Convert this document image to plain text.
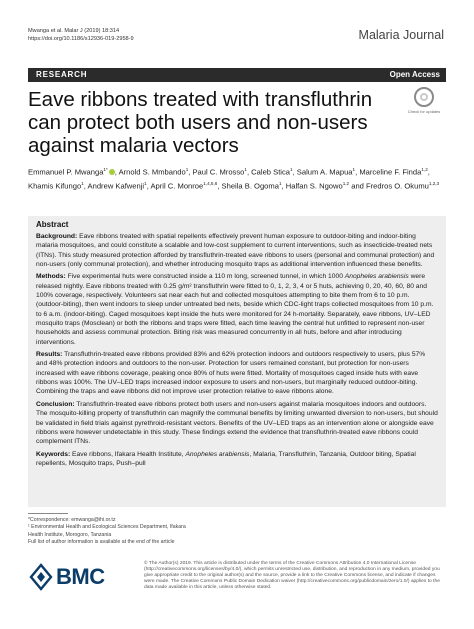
Mwanga et al. Malar J (2019) 18:314
https://doi.org/10.1186/s12936-019-2958-9	Malaria Journal
RESEARCH	Open Access
Eave ribbons treated with transfluthrin can protect both users and non-users against malaria vectors
Check for updates
Emmanuel P. Mwanga$^{1*}$ , Arnold S. Mmbando$^1$, Paul C. Mrosso$^1$, Caleb Stica$^1$, Salum A. Mapua$^1$, Marceline F. Finda$^{1,2}$, Khamis Kifungo$^1$, Andrew Kafwenji$^1$, April C. Monroe$^{1,4,5,6}$, Sheila B. Ogoma$^1$, Halfan S. Ngowo$^{1,2}$ and Fredros O. Okumu$^{1,2,3}$
Abstract

Background: Eave ribbons treated with spatial repellents effectively prevent human exposure to outdoor-biting and indoor-biting malaria mosquitoes, and could constitute a scalable and low-cost supplement to current interventions, such as insecticide-treated nets (ITNs). This study measured protection afforded by transfluthrin-treated eave ribbons to users (personal and communal protection) and non-users (only communal protection), and whether introducing mosquito traps as additional intervention influenced these benefits.

Methods: Five experimental huts were constructed inside a 110 m long, screened tunnel, in which 1000 Anopheles arabiensis were released nightly. Eave ribbons treated with 0.25 g/m² transfluthrin were fitted to 0, 1, 2, 3, 4 or 5 huts, achieving 0, 20, 40, 60, 80 and 100% coverage, respectively. Volunteers sat near each hut and collected mosquitoes attempting to bite them from 6 to 10 p.m. (outdoor-biting), then went indoors to sleep under untreated bed nets, beside which CDC-light traps collected mosquitoes from 10 p.m. to 6 a.m. (indoor-biting). Caged mosquitoes kept inside the huts were monitored for 24 h-mortality. Separately, eave ribbons, UV–LED mosquito traps (Mosclean) or both the ribbons and traps were fitted, each time leaving the central hut unfitted to represent non-user households and assess communal protection. Biting risk was measured concurrently in all huts, before and after introducing interventions.

Results: Transfluthrin-treated eave ribbons provided 83% and 62% protection indoors and outdoors respectively to users, plus 57% and 48% protection indoors and outdoors to the non-user. Protection for users remained constant, but protection for non-users increased with eave ribbons coverage, peaking once 80% of huts were fitted. Mortality of mosquitoes caged inside huts with eave ribbons was 100%. The UV–LED traps increased indoor exposure to users and non-users, but marginally reduced outdoor-biting. Combining the traps and eave ribbons did not improve user protection relative to eave ribbons alone.

Conclusion: Transfluthrin-treated eave ribbons protect both users and non-users against malaria mosquitoes indoors and outdoors. The mosquito-killing property of transfluthrin can magnify the communal benefits by limiting unwanted diversion to non-users, but should be validated in field trials against pyrethroid-resistant vectors. Benefits of the UV–LED traps as an intervention alone or alongside eave ribbons were however undetectable in this study. These findings extend the evidence that transfluthrin-treated eave ribbons could complement ITNs.

Keywords: Eave ribbons, Ifakara Health Institute, Anopheles arabiensis, Malaria, Transfluthrin, Tanzania, Outdoor biting, Spatial repellents, Mosquito traps, Push–pull

*Correspondence: emwanga@ihi.or.tz
¹ Environmental Health and Ecological Sciences Department, Ifakara
Health Institute, Morogoro, Tanzania
Full list of author information is available at the end of the article
BMC
© The Author(s) 2019. This article is distributed under the terms of the Creative Commons Attribution 4.0 International License (http://creativecommons.org/licenses/by/4.0/), which permits unrestricted use, distribution, and reproduction in any medium, provided you give appropriate credit to the original author(s) and the source, provide a link to the Creative Commons license, and indicate if changes were made. The Creative Commons Public Domain Dedication waiver (http://creativecommons.org/publicdomain/zero/1.0/) applies to the data made available in this article, unless otherwise stated.
